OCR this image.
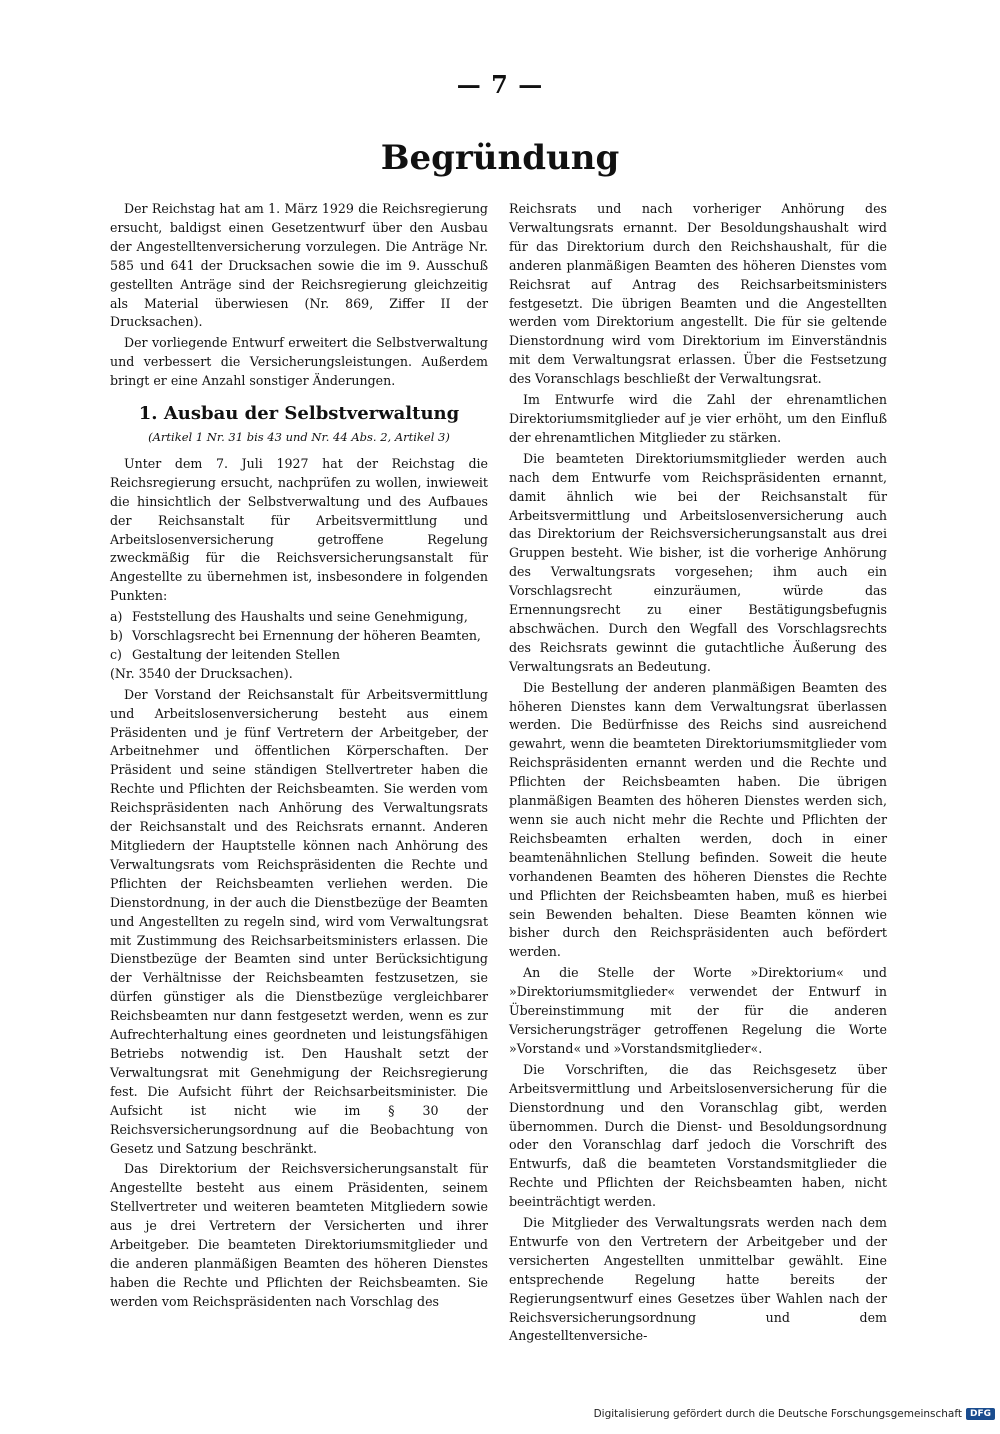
— 7 —
Begründung

Der Reichstag hat am 1. März 1929 die Reichsregierung ersucht, baldigst einen Gesetzentwurf über den Ausbau der Angestelltenversicherung vorzulegen. Die Anträge Nr. 585 und 641 der Drucksachen sowie die im 9. Ausschuß gestellten Anträge sind der Reichsregierung gleichzeitig als Material überwiesen (Nr. 869, Ziffer II der Drucksachen).

Der vorliegende Entwurf erweitert die Selbstverwaltung und verbessert die Versicherungsleistungen. Außerdem bringt er eine Anzahl sonstiger Änderungen.

1. Ausbau der Selbstverwaltung
(Artikel 1 Nr. 31 bis 43 und Nr. 44 Abs. 2, Artikel 3)

Unter dem 7. Juli 1927 hat der Reichstag die Reichsregierung ersucht, nachprüfen zu wollen, inwieweit die hinsichtlich der Selbstverwaltung und des Aufbaues der Reichsanstalt für Arbeitsvermittlung und Arbeitslosenversicherung getroffene Regelung zweckmäßig für die Reichsversicherungsanstalt für Angestellte zu übernehmen ist, insbesondere in folgenden Punkten:

a) Feststellung des Haushalts und seine Genehmigung,
b) Vorschlagsrecht bei Ernennung der höheren Beamten,
c) Gestaltung der leitenden Stellen

(Nr. 3540 der Drucksachen).

Der Vorstand der Reichsanstalt für Arbeitsvermittlung und Arbeitslosenversicherung besteht aus einem Präsidenten und je fünf Vertretern der Arbeitgeber, der Arbeitnehmer und öffentlichen Körperschaften. Der Präsident und seine ständigen Stellvertreter haben die Rechte und Pflichten der Reichsbeamten. Sie werden vom Reichspräsidenten nach Anhörung des Verwaltungsrats der Reichsanstalt und des Reichsrats ernannt. Anderen Mitgliedern der Hauptstelle können nach Anhörung des Verwaltungsrats vom Reichspräsidenten die Rechte und Pflichten der Reichsbeamten verliehen werden. Die Dienstordnung, in der auch die Dienstbezüge der Beamten und Angestellten zu regeln sind, wird vom Verwaltungsrat mit Zustimmung des Reichsarbeitsministers erlassen. Die Dienstbezüge der Beamten sind unter Berücksichtigung der Verhältnisse der Reichsbeamten festzusetzen, sie dürfen günstiger als die Dienstbezüge vergleichbarer Reichsbeamten nur dann festgesetzt werden, wenn es zur Aufrechterhaltung eines geordneten und leistungsfähigen Betriebs notwendig ist. Den Haushalt setzt der Verwaltungsrat mit Genehmigung der Reichsregierung fest. Die Aufsicht führt der Reichsarbeitsminister. Die Aufsicht ist nicht wie im § 30 der Reichsversicherungsordnung auf die Beobachtung von Gesetz und Satzung beschränkt.

Das Direktorium der Reichsversicherungsanstalt für Angestellte besteht aus einem Präsidenten, seinem Stellvertreter und weiteren beamteten Mitgliedern sowie aus je drei Vertretern der Versicherten und ihrer Arbeitgeber. Die beamteten Direktoriumsmitglieder und die anderen planmäßigen Beamten des höheren Dienstes haben die Rechte und Pflichten der Reichsbeamten. Sie werden vom Reichspräsidenten nach Vorschlag des

Reichsrats und nach vorheriger Anhörung des Verwaltungsrats ernannt. Der Besoldungshaushalt wird für das Direktorium durch den Reichshaushalt, für die anderen planmäßigen Beamten des höheren Dienstes vom Reichsrat auf Antrag des Reichsarbeitsministers festgesetzt. Die übrigen Beamten und die Angestellten werden vom Direktorium angestellt. Die für sie geltende Dienstordnung wird vom Direktorium im Einverständnis mit dem Verwaltungsrat erlassen. Über die Festsetzung des Voranschlags beschließt der Verwaltungsrat.

Im Entwurfe wird die Zahl der ehrenamtlichen Direktoriumsmitglieder auf je vier erhöht, um den Einfluß der ehrenamtlichen Mitglieder zu stärken.

Die beamteten Direktoriumsmitglieder werden auch nach dem Entwurfe vom Reichspräsidenten ernannt, damit ähnlich wie bei der Reichsanstalt für Arbeitsvermittlung und Arbeitslosenversicherung auch das Direktorium der Reichsversicherungsanstalt aus drei Gruppen besteht. Wie bisher, ist die vorherige Anhörung des Verwaltungsrats vorgesehen; ihm auch ein Vorschlagsrecht einzuräumen, würde das Ernennungsrecht zu einer Bestätigungsbefugnis abschwächen. Durch den Wegfall des Vorschlagsrechts des Reichsrats gewinnt die gutachtliche Äußerung des Verwaltungsrats an Bedeutung.

Die Bestellung der anderen planmäßigen Beamten des höheren Dienstes kann dem Verwaltungsrat überlassen werden. Die Bedürfnisse des Reichs sind ausreichend gewahrt, wenn die beamteten Direktoriumsmitglieder vom Reichspräsidenten ernannt werden und die Rechte und Pflichten der Reichsbeamten haben. Die übrigen planmäßigen Beamten des höheren Dienstes werden sich, wenn sie auch nicht mehr die Rechte und Pflichten der Reichsbeamten erhalten werden, doch in einer beamtenähnlichen Stellung befinden. Soweit die heute vorhandenen Beamten des höheren Dienstes die Rechte und Pflichten der Reichsbeamten haben, muß es hierbei sein Bewenden behalten. Diese Beamten können wie bisher durch den Reichspräsidenten auch befördert werden.

An die Stelle der Worte »Direktorium« und »Direktoriumsmitglieder« verwendet der Entwurf in Übereinstimmung mit der für die anderen Versicherungsträger getroffenen Regelung die Worte »Vorstand« und »Vorstandsmitglieder«.

Die Vorschriften, die das Reichsgesetz über Arbeitsvermittlung und Arbeitslosenversicherung für die Dienstordnung und den Voranschlag gibt, werden übernommen. Durch die Dienst- und Besoldungsordnung oder den Voranschlag darf jedoch die Vorschrift des Entwurfs, daß die beamteten Vorstandsmitglieder die Rechte und Pflichten der Reichsbeamten haben, nicht beeinträchtigt werden.

Die Mitglieder des Verwaltungsrats werden nach dem Entwurfe von den Vertretern der Arbeitgeber und der versicherten Angestellten unmittelbar gewählt. Eine entsprechende Regelung hatte bereits der Regierungsentwurf eines Gesetzes über Wahlen nach der Reichsversicherungsordnung und dem Angestelltenversiche-

Digitalisierung gefördert durch die Deutsche Forschungsgemeinschaft DFG
